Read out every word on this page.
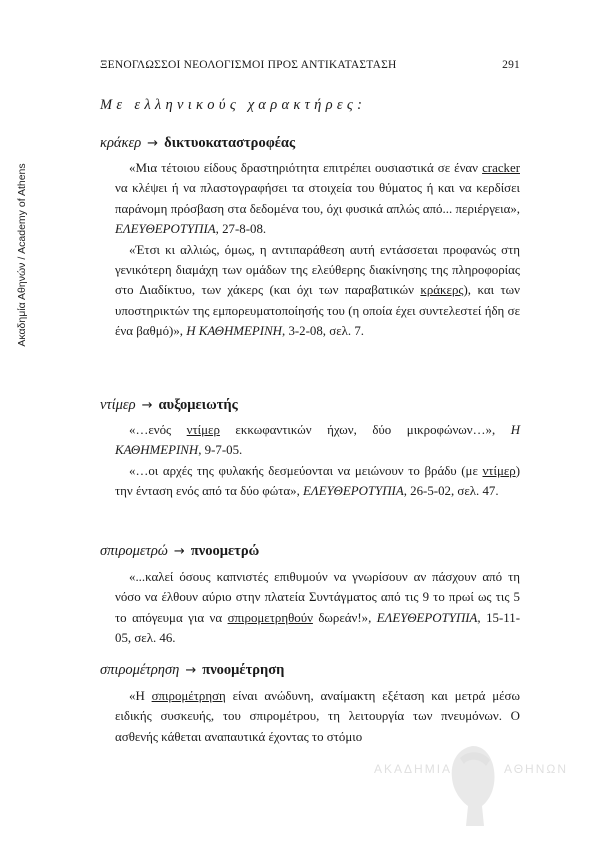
Ακαδημία Αθηνών / Academy of Athens
ΞΕΝΟΓΛΩΣΣΟΙ ΝΕΟΛΟΓΙΣΜΟΙ ΠΡΟΣ ΑΝΤΙΚΑΤΑΣΤΑΣΗ	291
Με ελληνικούς χαρακτήρες:
κράκερ → δικτυοκαταστροφέας

«Μια τέτοιου είδους δραστηριότητα επιτρέπει ουσιαστικά σε έναν cracker να κλέψει ή να πλαστογραφήσει τα στοιχεία του θύματος ή και να κερδίσει παράνομη πρόσβαση στα δεδομένα του, όχι φυσικά απλώς από... περιέργεια», ΕΛΕΥΘΕΡΟΤΥΠΙΑ, 27-8-08.

«Έτσι κι αλλιώς, όμως, η αντιπαράθεση αυτή εντάσσεται προφανώς στη γενικότερη διαμάχη των ομάδων της ελεύθερης διακίνησης της πληροφορίας στο Διαδίκτυο, των χάκερς (και όχι των παραβατικών κράκερς), και των υποστηρικτών της εμπορευματοποίησής του (η οποία έχει συντελεστεί ήδη σε ένα βαθμό)», Η ΚΑΘΗΜΕΡΙΝΗ, 3-2-08, σελ. 7.

ντίμερ → αυξομειωτής

«…ενός ντίμερ εκκωφαντικών ήχων, δύο μικροφώνων…», Η ΚΑΘΗΜΕΡΙΝΗ, 9-7-05.

«…οι αρχές της φυλακής δεσμεύονται να μειώνουν το βράδυ (με ντίμερ) την ένταση ενός από τα δύο φώτα», ΕΛΕΥΘΕΡΟΤΥΠΙΑ, 26-5-02, σελ. 47.

σπιρομετρώ → πνοομετρώ

«...καλεί όσους καπνιστές επιθυμούν να γνωρίσουν αν πάσχουν από τη νόσο να έλθουν αύριο στην πλατεία Συντάγματος από τις 9 το πρωί ως τις 5 το απόγευμα για να σπιρομετρηθούν δωρεάν!», ΕΛΕΥΘΕΡΟΤΥΠΙΑ, 15-11-05, σελ. 46.

σπιρομέτρηση → πνοομέτρηση

«Η σπιρομέτρηση είναι ανώδυνη, αναίμακτη εξέταση και μετρά μέσω ειδικής συσκευής, του σπιρομέτρου, τη λειτουργία των πνευμόνων. Ο ασθενής κάθεται αναπαυτικά έχοντας το στόμιο

ΑΚΑΔΗΜΙΑ	ΑΘΗΝΩΝ
